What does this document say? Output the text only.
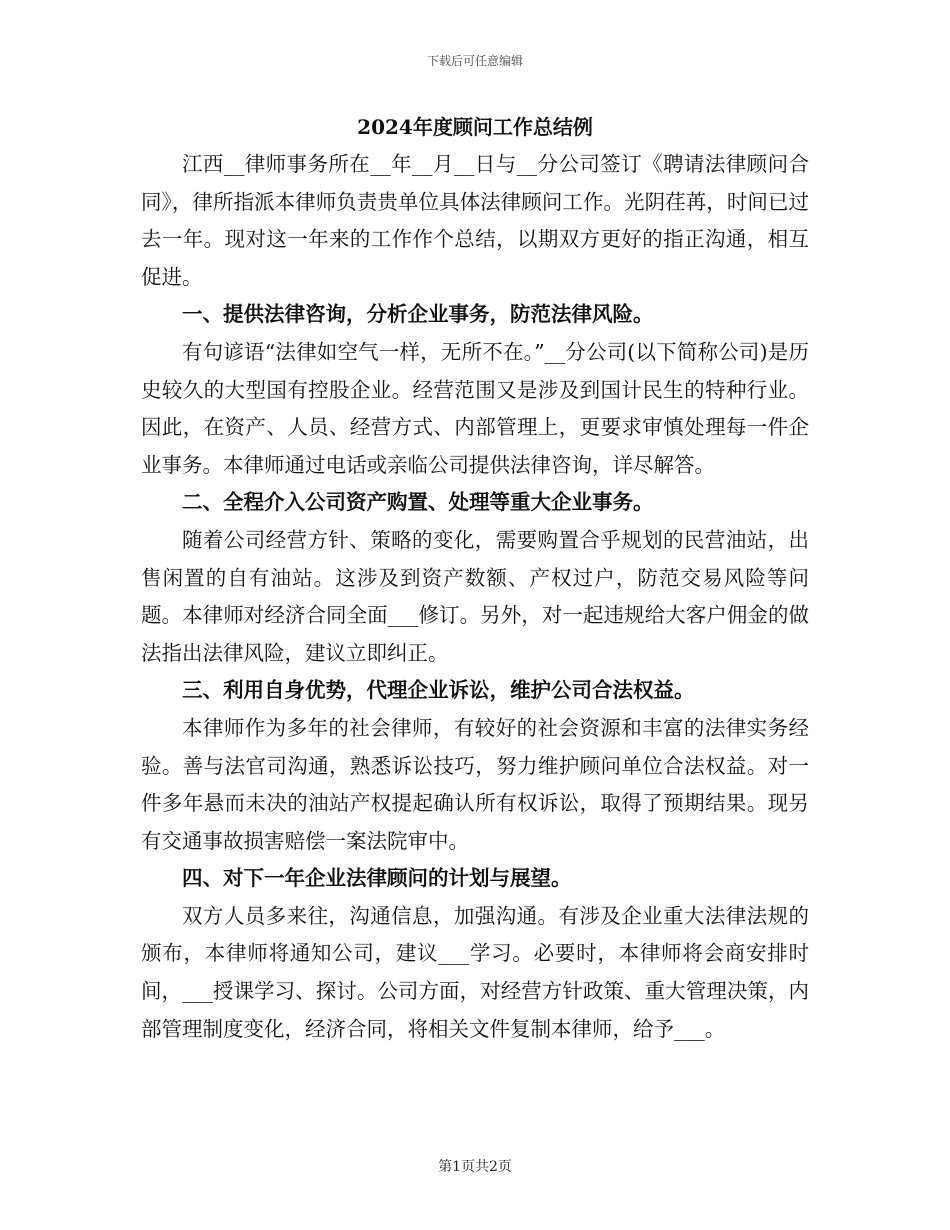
下载后可任意编辑
2024年度顾问工作总结例

江西__律师事务所在__年__月__日与__分公司签订《聘请法律顾问合同》，律所指派本律师负责贵单位具体法律顾问工作。光阴荏苒，时间已过去一年。现对这一年来的工作作个总结，以期双方更好的指正沟通，相互促进。

一、提供法律咨询，分析企业事务，防范法律风险。

有句谚语“法律如空气一样，无所不在。”__分公司(以下简称公司)是历史较久的大型国有控股企业。经营范围又是涉及到国计民生的特种行业。因此，在资产、人员、经营方式、内部管理上，更要求审慎处理每一件企业事务。本律师通过电话或亲临公司提供法律咨询，详尽解答。

二、全程介入公司资产购置、处理等重大企业事务。

随着公司经营方针、策略的变化，需要购置合乎规划的民营油站，出售闲置的自有油站。这涉及到资产数额、产权过户，防范交易风险等问题。本律师对经济合同全面___修订。另外，对一起违规给大客户佣金的做法指出法律风险，建议立即纠正。

三、利用自身优势，代理企业诉讼，维护公司合法权益。

本律师作为多年的社会律师，有较好的社会资源和丰富的法律实务经验。善与法官司沟通，熟悉诉讼技巧，努力维护顾问单位合法权益。对一件多年悬而未决的油站产权提起确认所有权诉讼，取得了预期结果。现另有交通事故损害赔偿一案法院审中。

四、对下一年企业法律顾问的计划与展望。

双方人员多来往，沟通信息，加强沟通。有涉及企业重大法律法规的颁布，本律师将通知公司，建议___学习。必要时，本律师将会商安排时间，___授课学习、探讨。公司方面，对经营方针政策、重大管理决策，内部管理制度变化，经济合同，将相关文件复制本律师，给予___。

第1页共2页
